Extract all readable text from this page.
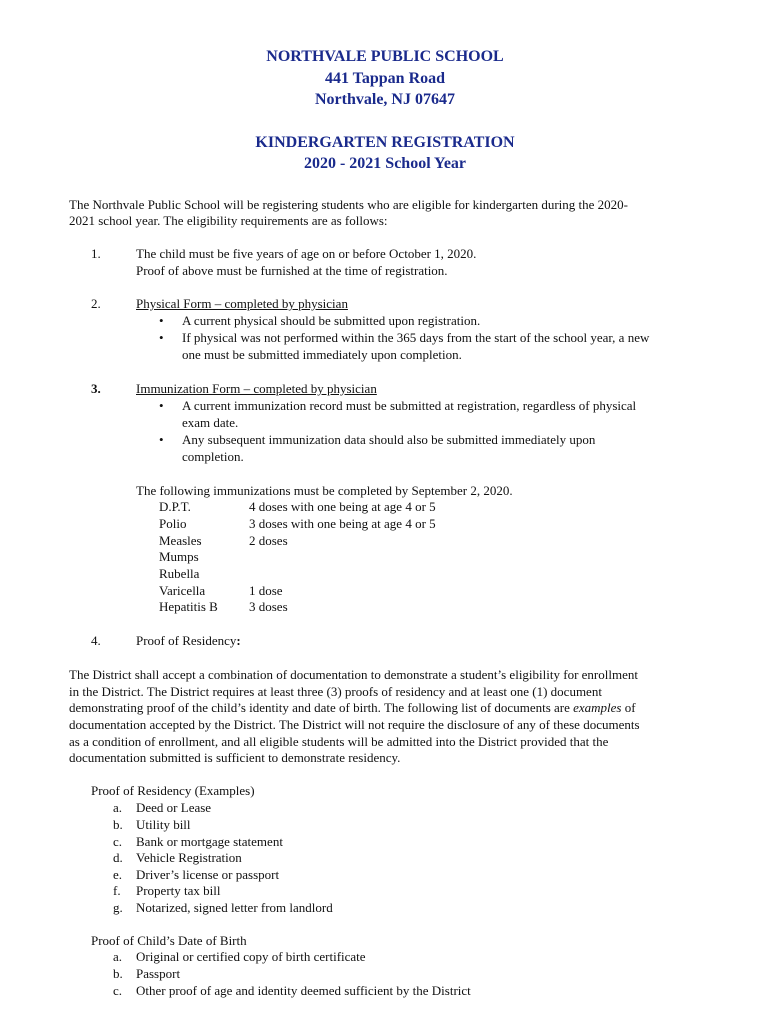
NORTHVALE PUBLIC SCHOOL
441 Tappan Road
Northvale, NJ 07647
KINDERGARTEN REGISTRATION
2020 - 2021 School Year
The Northvale Public School will be registering students who are eligible for kindergarten during the 2020-
2021 school year. The eligibility requirements are as follows:
1.	The child must be five years of age on or before October 1, 2020.
Proof of above must be furnished at the time of registration.
2.	Physical Form – completed by physician
• A current physical should be submitted upon registration.
• If physical was not performed within the 365 days from the start of the school year, a new
one must be submitted immediately upon completion.
3.	Immunization Form – completed by physician
• A current immunization record must be submitted at registration, regardless of physical
exam date.
• Any subsequent immunization data should also be submitted immediately upon
completion.
The following immunizations must be completed by September 2, 2020.
D.P.T.	4 doses with one being at age 4 or 5
Polio	3 doses with one being at age 4 or 5
Measles	2 doses
Mumps
Rubella
Varicella	1 dose
Hepatitis B 3 doses
4.	Proof of Residency:
The District shall accept a combination of documentation to demonstrate a student’s eligibility for enrollment
in the District. The District requires at least three (3) proofs of residency and at least one (1) document
demonstrating proof of the child’s identity and date of birth. The following list of documents are examples of
documentation accepted by the District. The District will not require the disclosure of any of these documents
as a condition of enrollment, and all eligible students will be admitted into the District provided that the
documentation submitted is sufficient to demonstrate residency.
Proof of Residency (Examples)
a. Deed or Lease
b. Utility bill
c. Bank or mortgage statement
d. Vehicle Registration
e. Driver’s license or passport
f. Property tax bill
g. Notarized, signed letter from landlord
Proof of Child’s Date of Birth
a. Original or certified copy of birth certificate
b. Passport
c. Other proof of age and identity deemed sufficient by the District
